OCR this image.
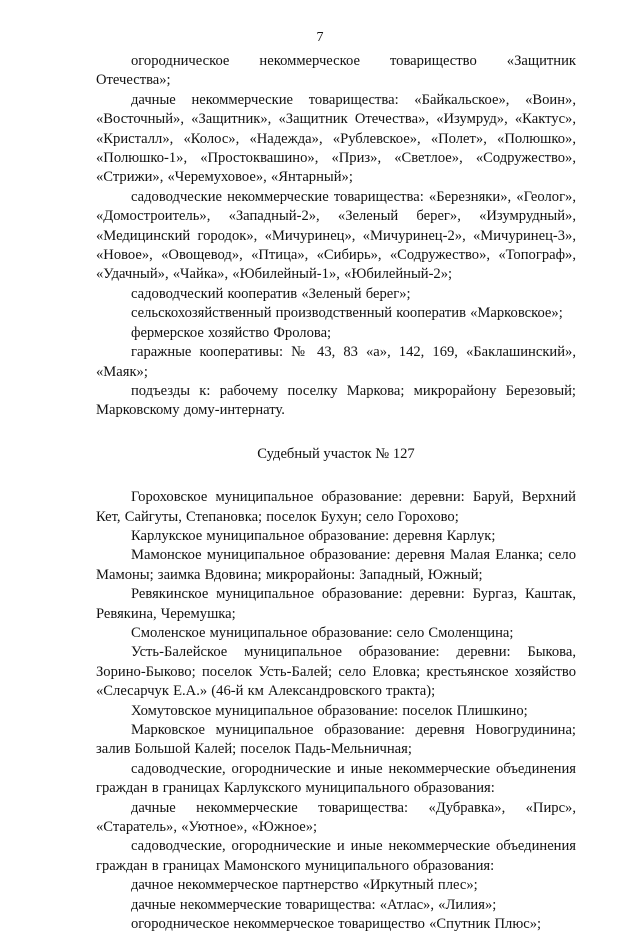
7

огородническое некоммерческое товарищество «Защитник Отечества»;

дачные некоммерческие товарищества: «Байкальское», «Воин», «Восточный», «Защитник», «Защитник Отечества», «Изумруд», «Кактус», «Кристалл», «Колос», «Надежда», «Рублевское», «Полет», «Полюшко», «Полюшко-1», «Простоквашино», «Приз», «Светлое», «Содружество», «Стрижи», «Черемуховое», «Янтарный»;

садоводческие некоммерческие товарищества: «Березняки», «Геолог», «Домостроитель», «Западный-2», «Зеленый берег», «Изумрудный», «Медицинский городок», «Мичуринец», «Мичуринец-2», «Мичуринец-3», «Новое», «Овощевод», «Птица», «Сибирь», «Содружество», «Топограф», «Удачный», «Чайка», «Юбилейный-1», «Юбилейный-2»;

садоводческий кооператив «Зеленый берег»;

сельскохозяйственный производственный кооператив «Марковское»;

фермерское хозяйство Фролова;

гаражные кооперативы: № 43, 83 «а», 142, 169, «Баклашинский», «Маяк»;

подъезды к: рабочему поселку Маркова; микрорайону Березовый; Марковскому дому-интернату.

Судебный участок № 127

Гороховское муниципальное образование: деревни: Баруй, Верхний Кет, Сайгуты, Степановка; поселок Бухун; село Горохово;

Карлукское муниципальное образование: деревня Карлук;

Мамонское муниципальное образование: деревня Малая Еланка; село Мамоны; заимка Вдовина; микрорайоны: Западный, Южный;

Ревякинское муниципальное образование: деревни: Бургаз, Каштак, Ревякина, Черемушка;

Смоленское муниципальное образование: село Смоленщина;

Усть-Балейское муниципальное образование: деревни: Быкова, Зорино-Быково; поселок Усть-Балей; село Еловка; крестьянское хозяйство «Слесарчук Е.А.» (46-й км Александровского тракта);

Хомутовское муниципальное образование: поселок Плишкино;

Марковское муниципальное образование: деревня Новогрудинина; залив Большой Калей; поселок Падь-Мельничная;

садоводческие, огороднические и иные некоммерческие объединения граждан в границах Карлукского муниципального образования:

дачные некоммерческие товарищества: «Дубравка», «Пирс», «Старатель», «Уютное», «Южное»;

садоводческие, огороднические и иные некоммерческие объединения граждан в границах Мамонского муниципального образования:

дачное некоммерческое партнерство «Иркутный плес»;

дачные некоммерческие товарищества: «Атлас», «Лилия»;

огородническое некоммерческое товарищество «Спутник Плюс»;
